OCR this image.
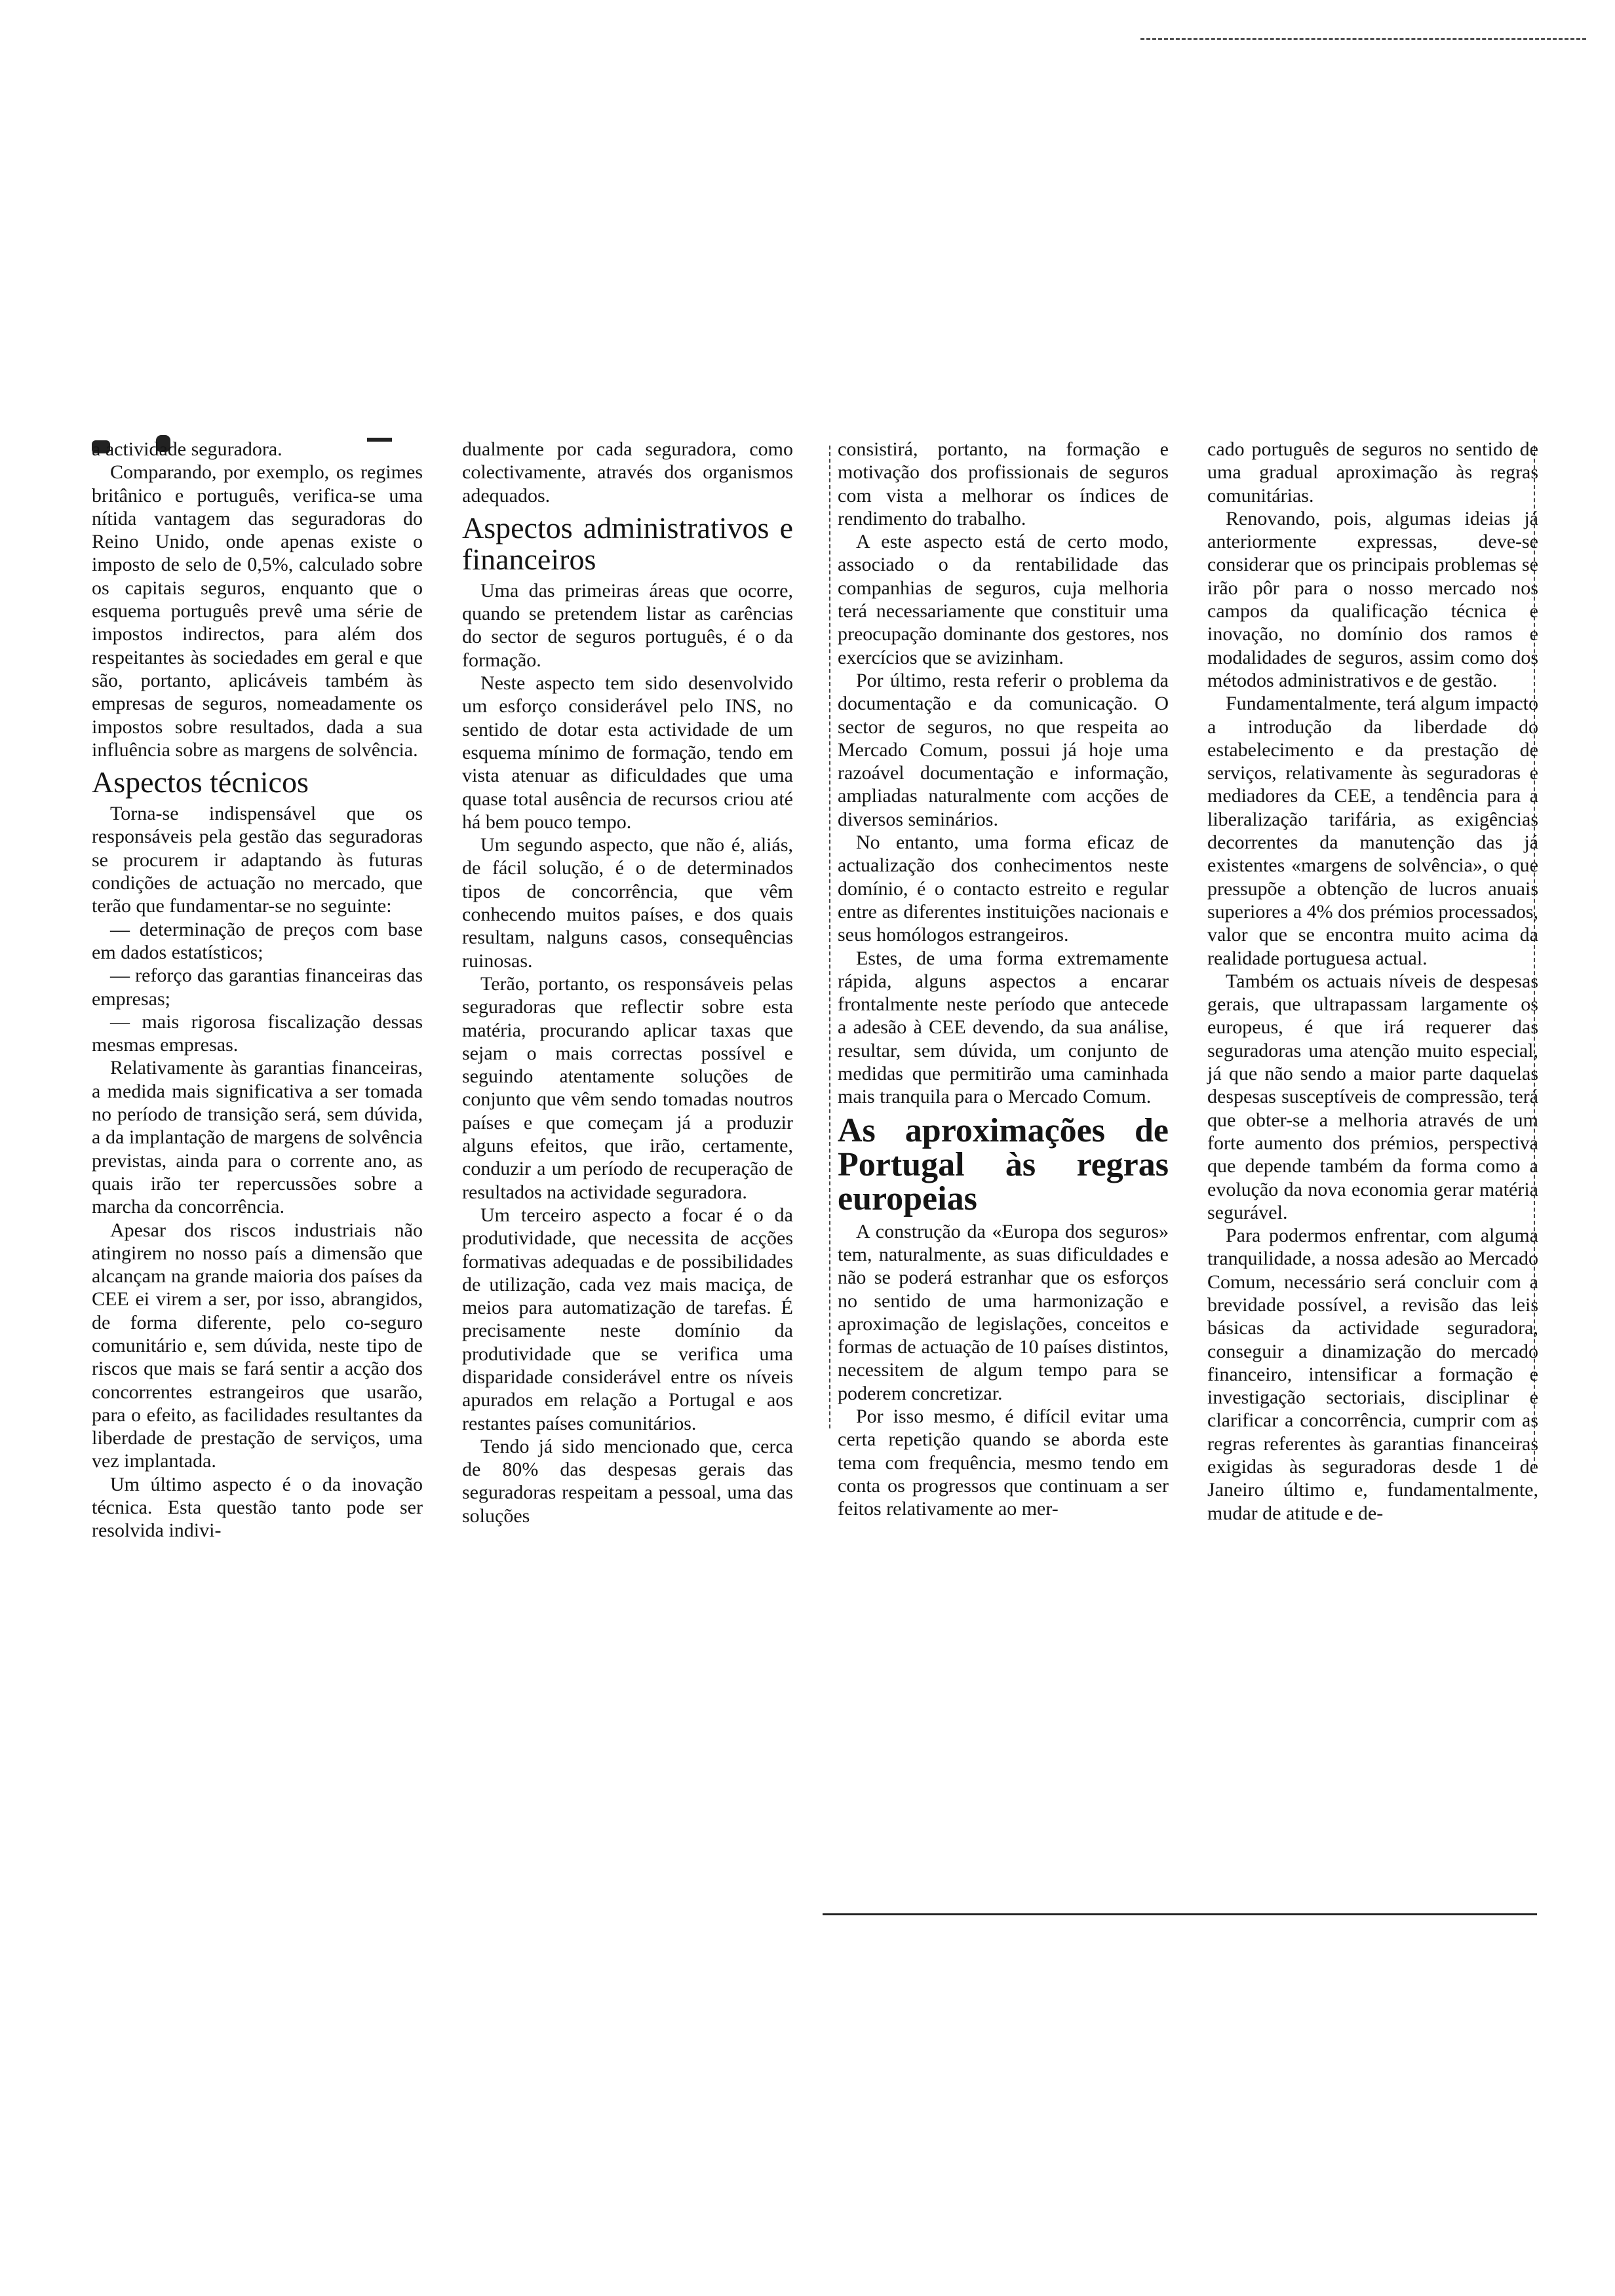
a actividade seguradora.

Comparando, por exemplo, os regimes britânico e português, verifica-se uma nítida vantagem das seguradoras do Reino Unido, onde apenas existe o imposto de selo de 0,5%, calculado sobre os capitais seguros, enquanto que o esquema português prevê uma série de impostos indirectos, para além dos respeitantes às sociedades em geral e que são, portanto, aplicáveis também às empresas de seguros, nomeadamente os impostos sobre resultados, dada a sua influência sobre as margens de solvência.

Aspectos técnicos

Torna-se indispensável que os responsáveis pela gestão das seguradoras se procurem ir adaptando às futuras condições de actuação no mercado, que terão que fundamentar-se no seguinte:

— determinação de preços com base em dados estatísticos;

— reforço das garantias financeiras das empresas;

— mais rigorosa fiscalização dessas mesmas empresas.

Relativamente às garantias financeiras, a medida mais significativa a ser tomada no período de transição será, sem dúvida, a da implantação de margens de solvência previstas, ainda para o corrente ano, as quais irão ter repercussões sobre a marcha da concorrência.

Apesar dos riscos industriais não atingirem no nosso país a dimensão que alcançam na grande maioria dos países da CEE ei virem a ser, por isso, abrangidos, de forma diferente, pelo co-seguro comunitário e, sem dúvida, neste tipo de riscos que mais se fará sentir a acção dos concorrentes estrangeiros que usarão, para o efeito, as facilidades resultantes da liberdade de prestação de serviços, uma vez implantada.

Um último aspecto é o da inovação técnica. Esta questão tanto pode ser resolvida indivi-

dualmente por cada seguradora, como colectivamente, através dos organismos adequados.

Aspectos administrativos e financeiros

Uma das primeiras áreas que ocorre, quando se pretendem listar as carências do sector de seguros português, é o da formação.

Neste aspecto tem sido desenvolvido um esforço considerável pelo INS, no sentido de dotar esta actividade de um esquema mínimo de formação, tendo em vista atenuar as dificuldades que uma quase total ausência de recursos criou até há bem pouco tempo.

Um segundo aspecto, que não é, aliás, de fácil solução, é o de determinados tipos de concorrência, que vêm conhecendo muitos países, e dos quais resultam, nalguns casos, consequências ruinosas.

Terão, portanto, os responsáveis pelas seguradoras que reflectir sobre esta matéria, procurando aplicar taxas que sejam o mais correctas possível e seguindo atentamente soluções de conjunto que vêm sendo tomadas noutros países e que começam já a produzir alguns efeitos, que irão, certamente, conduzir a um período de recuperação de resultados na actividade seguradora.

Um terceiro aspecto a focar é o da produtividade, que necessita de acções formativas adequadas e de possibilidades de utilização, cada vez mais maciça, de meios para automatização de tarefas. É precisamente neste domínio da produtividade que se verifica uma disparidade considerável entre os níveis apurados em relação a Portugal e aos restantes países comunitários.

Tendo já sido mencionado que, cerca de 80% das despesas gerais das seguradoras respeitam a pessoal, uma das soluções

consistirá, portanto, na formação e motivação dos profissionais de seguros com vista a melhorar os índices de rendimento do trabalho.

A este aspecto está de certo modo, associado o da rentabilidade das companhias de seguros, cuja melhoria terá necessariamente que constituir uma preocupação dominante dos gestores, nos exercícios que se avizinham.

Por último, resta referir o problema da documentação e da comunicação. O sector de seguros, no que respeita ao Mercado Comum, possui já hoje uma razoável documentação e informação, ampliadas naturalmente com acções de diversos seminários.

No entanto, uma forma eficaz de actualização dos conhecimentos neste domínio, é o contacto estreito e regular entre as diferentes instituições nacionais e seus homólogos estrangeiros.

Estes, de uma forma extremamente rápida, alguns aspectos a encarar frontalmente neste período que antecede a adesão à CEE devendo, da sua análise, resultar, sem dúvida, um conjunto de medidas que permitirão uma caminhada mais tranquila para o Mercado Comum.

As aproximações de Portugal às regras europeias

A construção da «Europa dos seguros» tem, naturalmente, as suas dificuldades e não se poderá estranhar que os esforços no sentido de uma harmonização e aproximação de legislações, conceitos e formas de actuação de 10 países distintos, necessitem de algum tempo para se poderem concretizar.

Por isso mesmo, é difícil evitar uma certa repetição quando se aborda este tema com frequência, mesmo tendo em conta os progressos que continuam a ser feitos relativamente ao mer-

cado português de seguros no sentido de uma gradual aproximação às regras comunitárias.

Renovando, pois, algumas ideias já anteriormente expressas, deve-se considerar que os principais problemas se irão pôr para o nosso mercado nos campos da qualificação técnica e inovação, no domínio dos ramos e modalidades de seguros, assim como dos métodos administrativos e de gestão.

Fundamentalmente, terá algum impacto a introdução da liberdade do estabelecimento e da prestação de serviços, relativamente às seguradoras e mediadores da CEE, a tendência para a liberalização tarifária, as exigências decorrentes da manutenção das já existentes «margens de solvência», o que pressupõe a obtenção de lucros anuais superiores a 4% dos prémios processados, valor que se encontra muito acima da realidade portuguesa actual.

Também os actuais níveis de despesas gerais, que ultrapassam largamente os europeus, é que irá requerer das seguradoras uma atenção muito especial, já que não sendo a maior parte daquelas despesas susceptíveis de compressão, terá que obter-se a melhoria através de um forte aumento dos prémios, perspectiva que depende também da forma como a evolução da nova economia gerar matéria segurável.

Para podermos enfrentar, com alguma tranquilidade, a nossa adesão ao Mercado Comum, necessário será concluir com a brevidade possível, a revisão das leis básicas da actividade seguradora, conseguir a dinamização do mercado financeiro, intensificar a formação e investigação sectoriais, disciplinar e clarificar a concorrência, cumprir com as regras referentes às garantias financeiras exigidas às seguradoras desde 1 de Janeiro último e, fundamentalmente, mudar de atitude e de-
